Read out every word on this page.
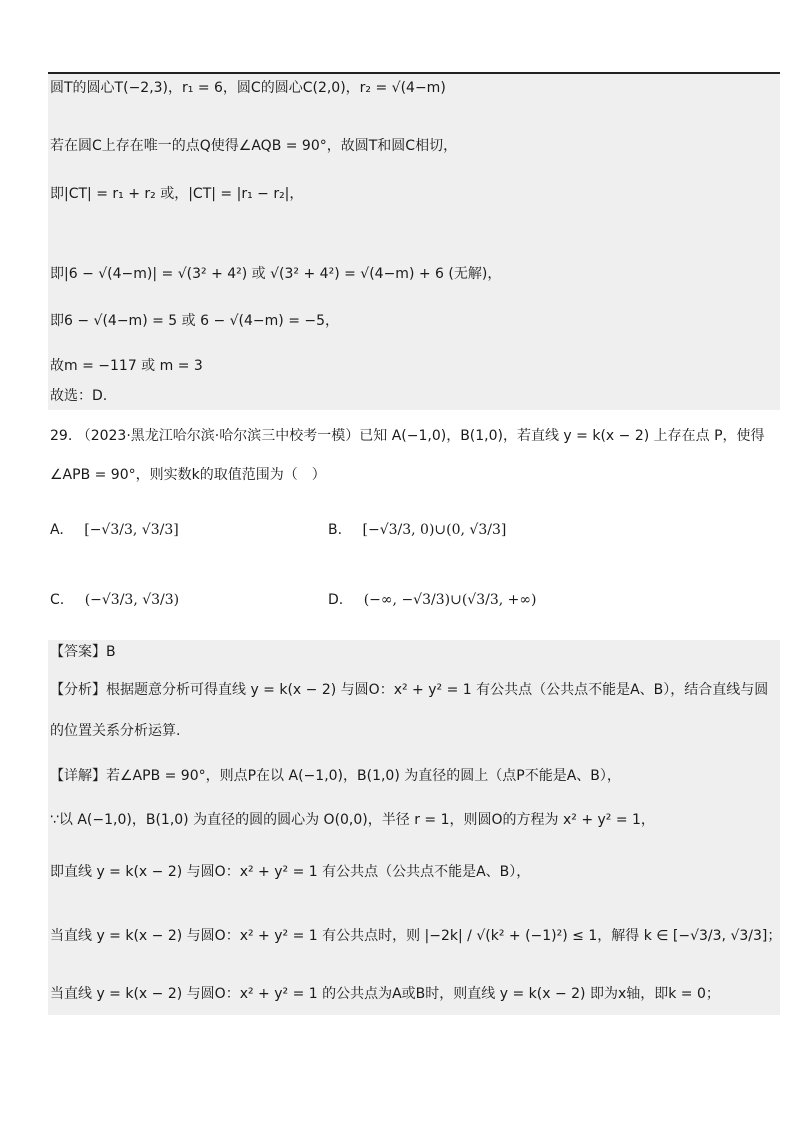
圆T的圆心T(−2,3)，r₁ = 6，圆C的圆心C(2,0)，r₂ = √(4−m)
若在圆C上存在唯一的点Q使得∠AQB = 90°，故圆T和圆C相切，
即|CT| = r₁ + r₂ 或，|CT| = |r₁ − r₂|，
即|6 − √(4−m)| = √(3² + 4²) 或 √(3² + 4²) = √(4−m) + 6 (无解)，
即6 − √(4−m) = 5 或 6 − √(4−m) = −5，
故m = −117 或 m = 3
故选：D.
29. （2023·黑龙江哈尔滨·哈尔滨三中校考一模）已知 A(−1,0)，B(1,0)，若直线 y = k(x − 2) 上存在点 P，使得
∠APB = 90°，则实数k的取值范围为（　）
A. [−√3/3, √3/3]	B. [−√3/3, 0)∪(0, √3/3]
C. (−√3/3, √3/3)	D. (−∞, −√3/3)∪(√3/3, +∞)
【答案】B
【分析】根据题意分析可得直线 y = k(x − 2) 与圆O：x² + y² = 1 有公共点（公共点不能是A、B），结合直线与圆
的位置关系分析运算.
【详解】若∠APB = 90°，则点P在以 A(−1,0)，B(1,0) 为直径的圆上（点P不能是A、B），
∵以 A(−1,0)，B(1,0) 为直径的圆的圆心为 O(0,0)，半径 r = 1，则圆O的方程为 x² + y² = 1，
即直线 y = k(x − 2) 与圆O：x² + y² = 1 有公共点（公共点不能是A、B），
当直线 y = k(x − 2) 与圆O：x² + y² = 1 有公共点时，则 |−2k| / √(k² + (−1)²) ≤ 1，解得 k ∈ [−√3/3, √3/3]；
当直线 y = k(x − 2) 与圆O：x² + y² = 1 的公共点为A或B时，则直线 y = k(x − 2) 即为x轴，即k = 0；
